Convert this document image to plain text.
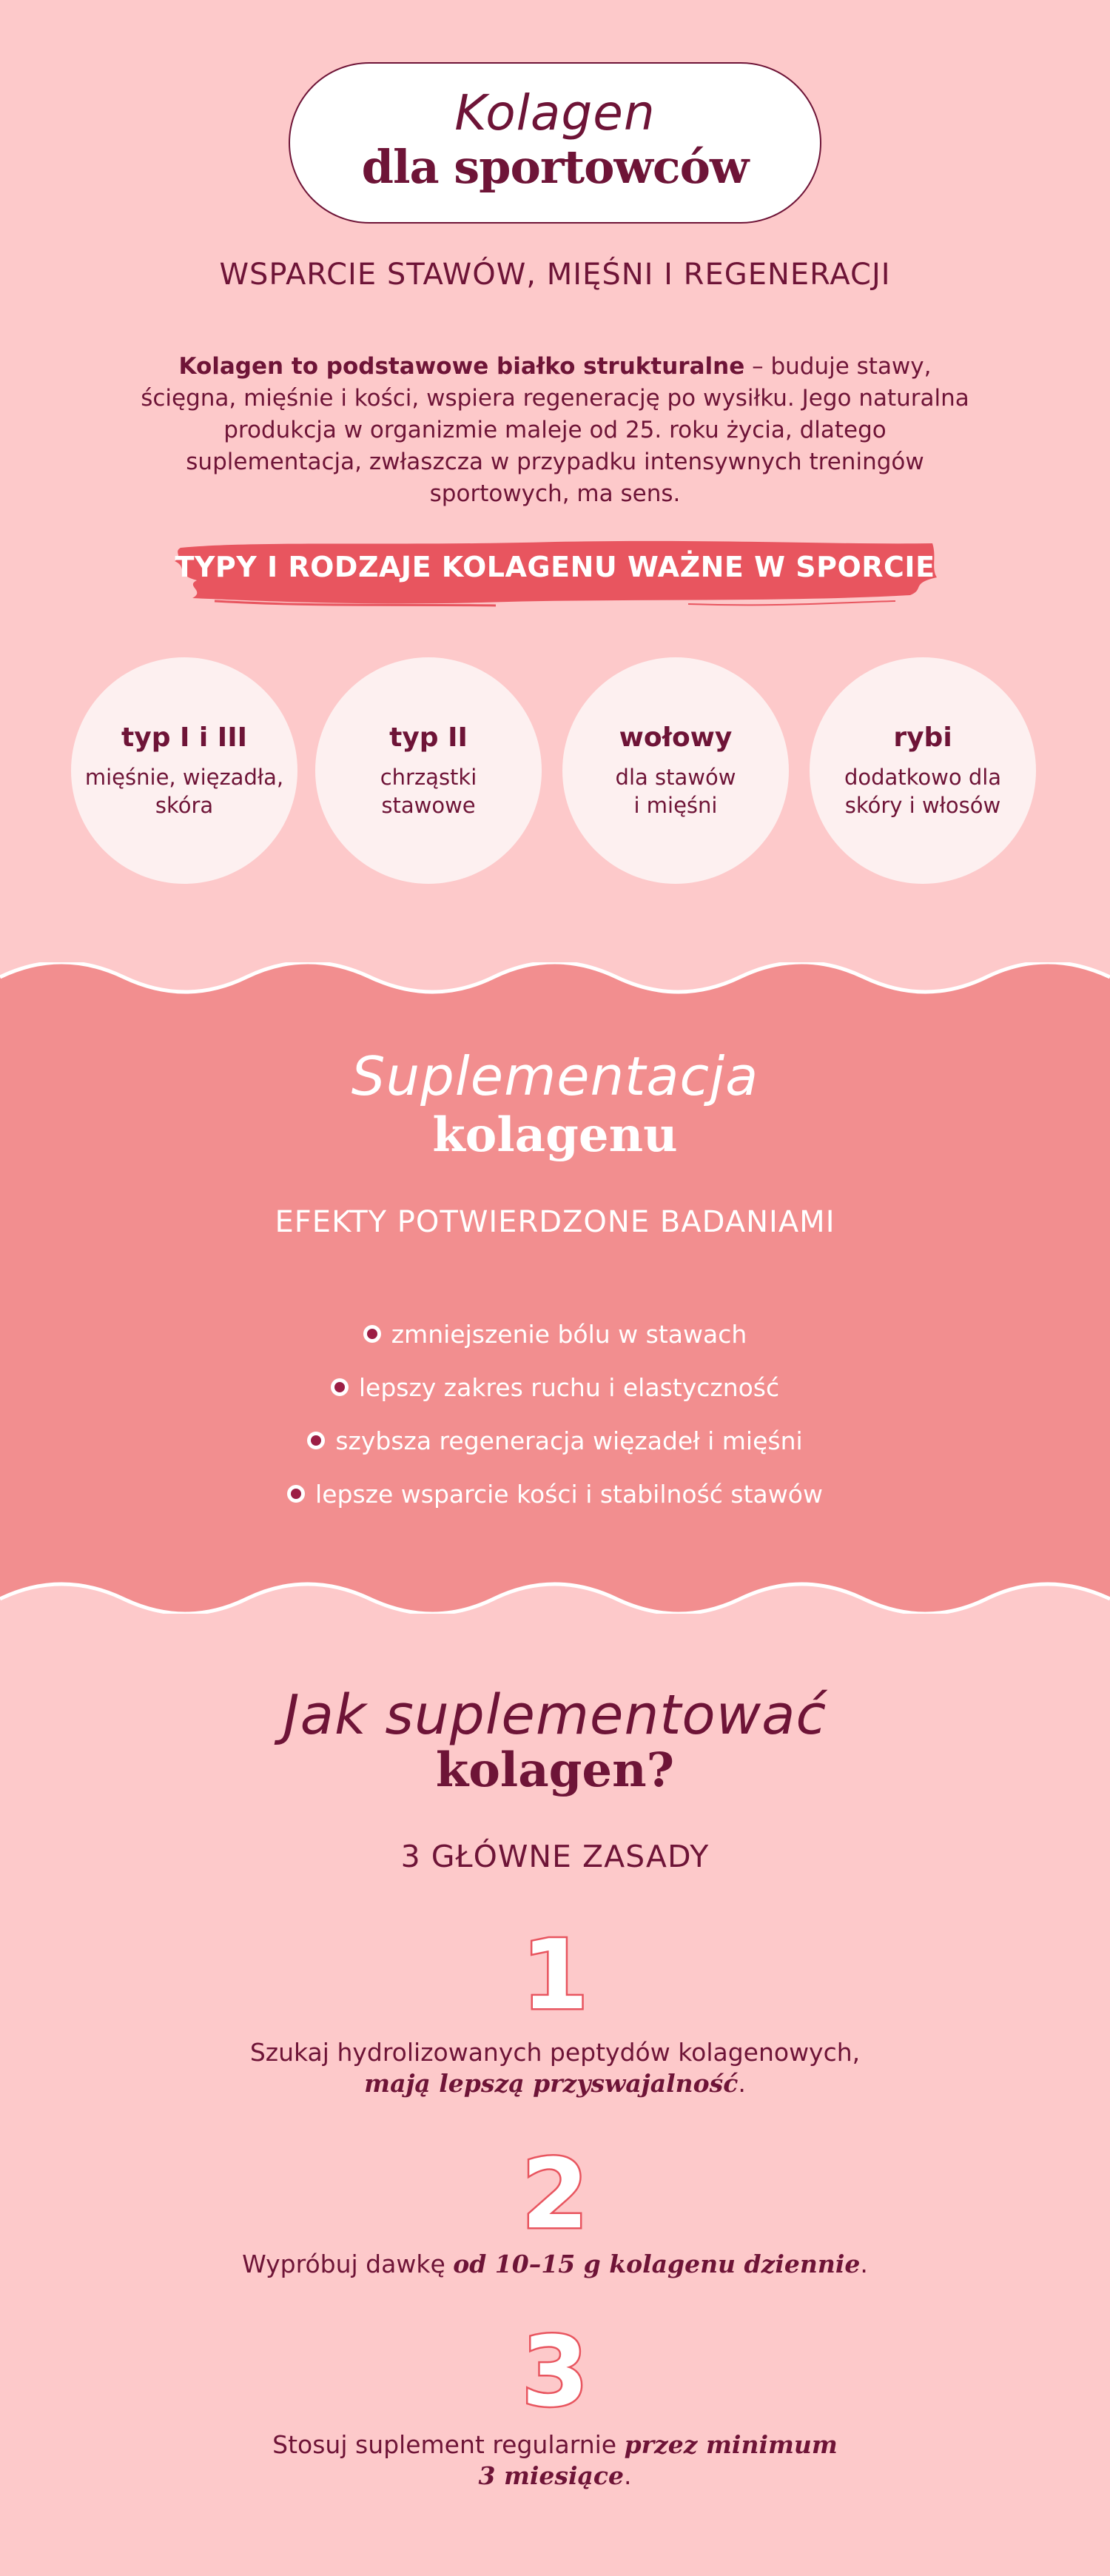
Kolagen
dla sportowców
WSPARCIE STAWÓW, MIĘŚNI I REGENERACJI
Kolagen to podstawowe białko strukturalne – buduje stawy, ścięgna, mięśnie i kości, wspiera regenerację po wysiłku. Jego naturalna produkcja w organizmie maleje od 25. roku życia, dlatego suplementacja, zwłaszcza w przypadku intensywnych treningów sportowych, ma sens.
TYPY I RODZAJE KOLAGENU WAŻNE W SPORCIE
typ I i III
mięśnie, więzadła,
skóra
typ II
chrząstki
stawowe
wołowy
dla stawów
i mięśni
rybi
dodatkowo dla
skóry i włosów
Suplementacja
kolagenu
EFEKTY POTWIERDZONE BADANIAMI
zmniejszenie bólu w stawach
lepszy zakres ruchu i elastyczność
szybsza regeneracja więzadeł i mięśni
lepsze wsparcie kości i stabilność stawów
Jak suplementować
kolagen?
3 GŁÓWNE ZASADY
1
Szukaj hydrolizowanych peptydów kolagenowych,
mają lepszą przyswajalność.
2
Wypróbuj dawkę od 10–15 g kolagenu dziennie.
3
Stosuj suplement regularnie przez minimum
3 miesiące.
